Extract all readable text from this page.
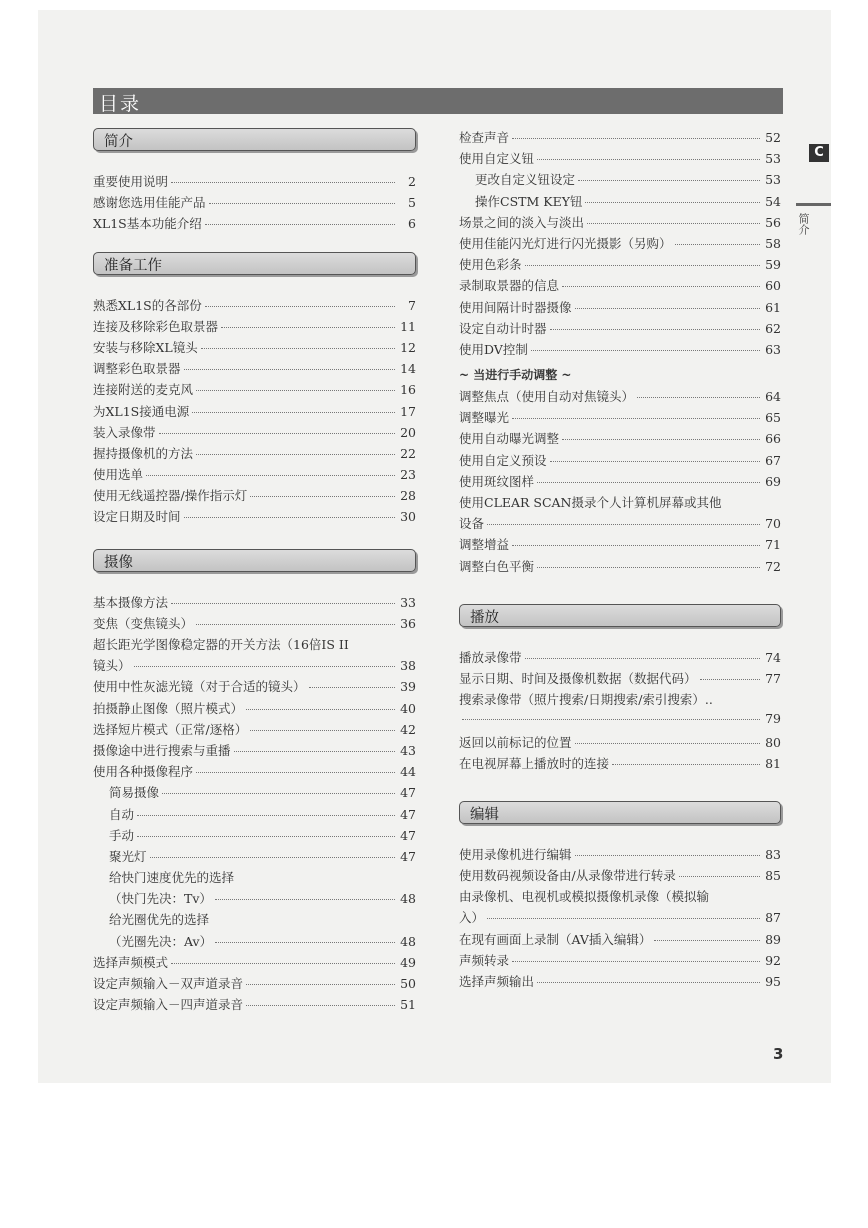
目录
C
简介
简介
重要使用说明	2
感谢您选用佳能产品	5
XL1S基本功能介绍	6
准备工作
熟悉XL1S的各部份	7
连接及移除彩色取景器	11
安装与移除XL镜头	12
调整彩色取景器	14
连接附送的麦克风	16
为XL1S接通电源	17
装入录像带	20
握持摄像机的方法	22
使用选单	23
使用无线遥控器/操作指示灯	28
设定日期及时间	30
摄像
基本摄像方法	33
变焦（变焦镜头）	36
超长距光学图像稳定器的开关方法（16倍IS II
镜头）	38
使用中性灰滤光镜（对于合适的镜头）	39
拍摄静止图像（照片模式）	40
选择短片模式（正常/逐格）	42
摄像途中进行搜索与重播	43
使用各种摄像程序	44
简易摄像	47
自动	47
手动	47
聚光灯	47
给快门速度优先的选择
（快门先决：Tv）	48
给光圈优先的选择
（光圈先决：Av）	48
选择声频模式	49
设定声频输入－双声道录音	50
设定声频输入－四声道录音	51
检查声音	52
使用自定义钮	53
更改自定义钮设定	53
操作CSTM KEY钮	54
场景之间的淡入与淡出	56
使用佳能闪光灯进行闪光摄影（另购）	58
使用色彩条	59
录制取景器的信息	60
使用间隔计时器摄像	61
设定自动计时器	62
使用DV控制	63
~ 当进行手动调整 ~
调整焦点（使用自动对焦镜头）	64
调整曝光	65
使用自动曝光调整	66
使用自定义预设	67
使用斑纹图样	69
使用CLEAR SCAN摄录个人计算机屏幕或其他
设备	70
调整增益	71
调整白色平衡	72
播放
播放录像带	74
显示日期、时间及摄像机数据（数据代码）	77
搜索录像带（照片搜索/日期搜索/索引搜索）..
79
返回以前标记的位置	80
在电视屏幕上播放时的连接	81
编辑
使用录像机进行编辑	83
使用数码视频设备由/从录像带进行转录	85
由录像机、电视机或模拟摄像机录像（模拟输
入）	87
在现有画面上录制（AV插入编辑）	89
声频转录	92
选择声频输出	95
3
